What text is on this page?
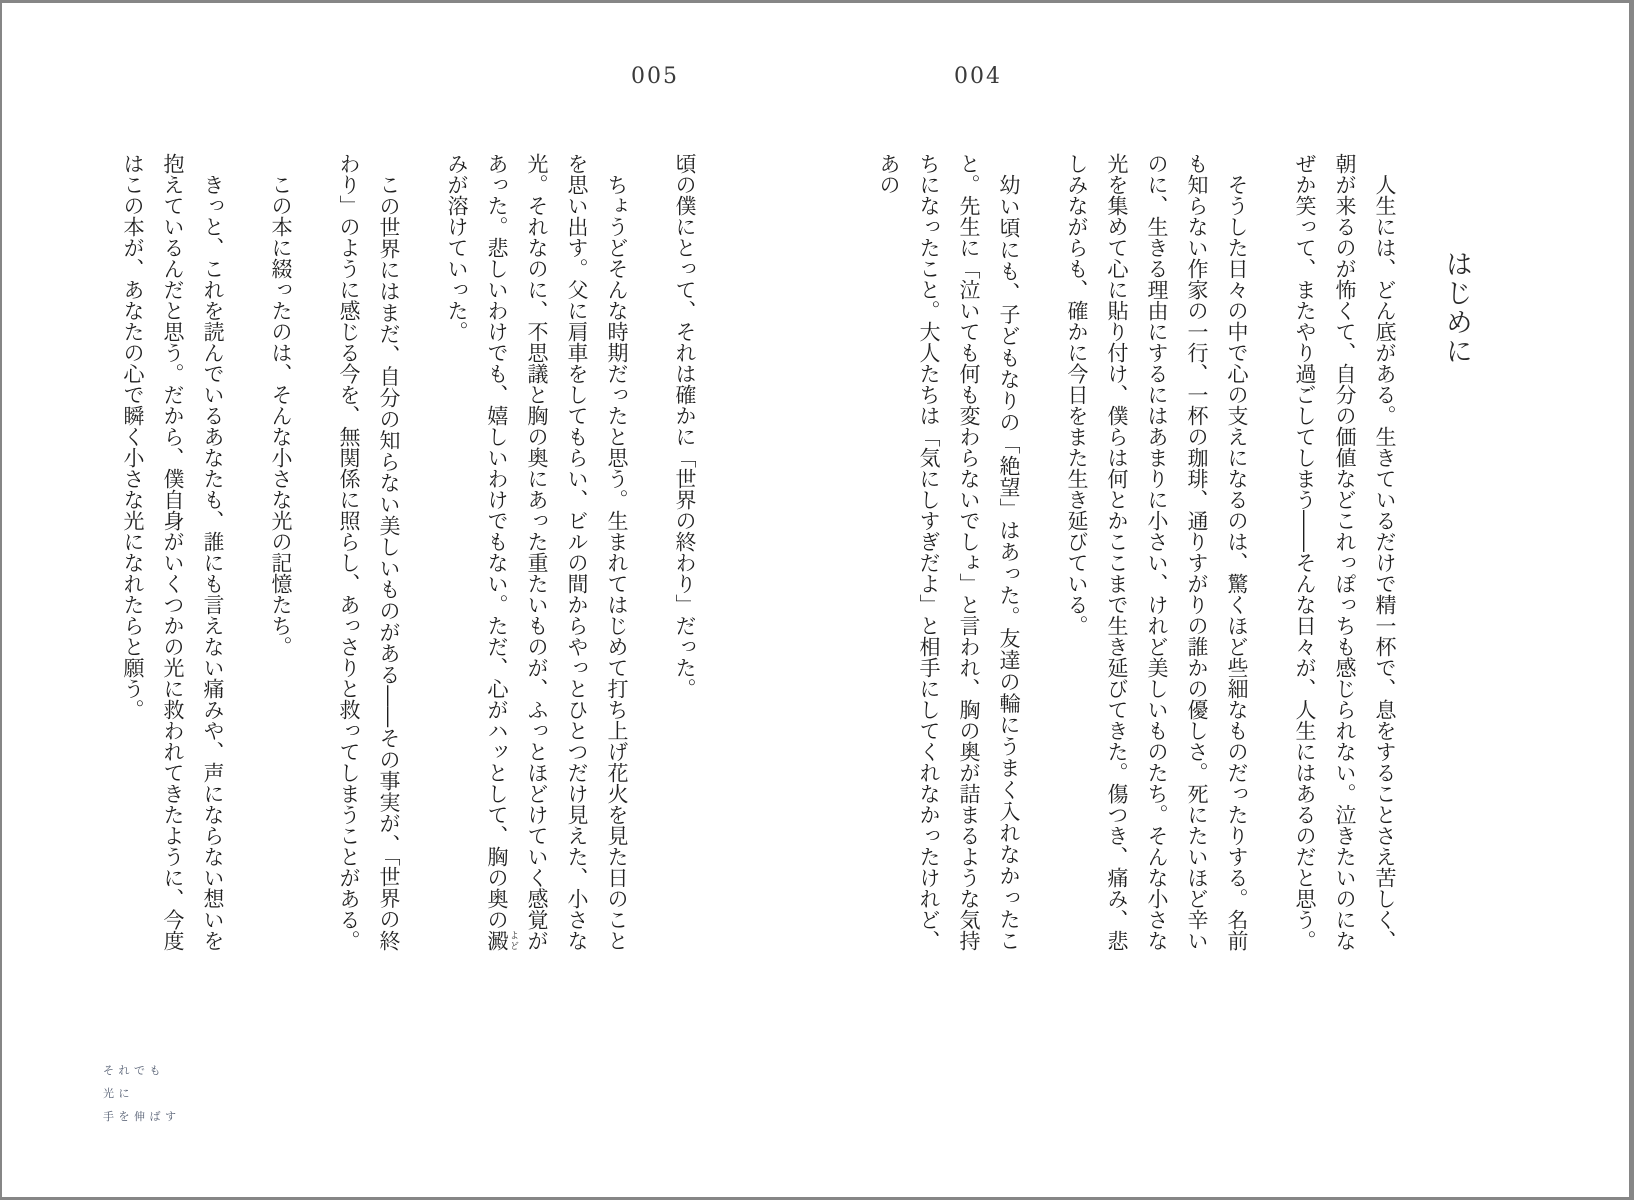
005	004
はじめに

人生には、どん底がある。生きているだけで精一杯で、息をすることさえ苦しく、朝が来るのが怖くて、自分の価値などこれっぽっちも感じられない。泣きたいのになぜか笑って、またやり過ごしてしまう――そんな日々が、人生にはあるのだと思う。

そうした日々の中で心の支えになるのは、驚くほど些細なものだったりする。名前も知らない作家の一行、一杯の珈琲、通りすがりの誰かの優しさ。死にたいほど辛いのに、生きる理由にするにはあまりに小さい、けれど美しいものたち。そんな小さな光を集めて心に貼り付け、僕らは何とかここまで生き延びてきた。傷つき、痛み、悲しみながらも、確かに今日をまた生き延びている。

幼い頃にも、子どもなりの「絶望」はあった。友達の輪にうまく入れなかったこと。先生に「泣いても何も変わらないでしょ」と言われ、胸の奥が詰まるような気持ちになったこと。大人たちは「気にしすぎだよ」と相手にしてくれなかったけれど、あの

頃の僕にとって、それは確かに「世界の終わり」だった。

ちょうどそんな時期だったと思う。生まれてはじめて打ち上げ花火を見た日のことを思い出す。父に肩車をしてもらい、ビルの間からやっとひとつだけ見えた、小さな光。それなのに、不思議と胸の奥にあった重たいものが、ふっとほどけていく感覚があった。悲しいわけでも、嬉しいわけでもない。ただ、心がハッとして、胸の奥の澱 よどみが溶けていった。

この世界にはまだ、自分の知らない美しいものがある――その事実が、「世界の終わり」のように感じる今を、無関係に照らし、あっさりと救ってしまうことがある。

この本に綴ったのは、そんな小さな光の記憶たち。

きっと、これを読んでいるあなたも、誰にも言えない痛みや、声にならない想いを抱えているんだと思う。だから、僕自身がいくつかの光に救われてきたように、今度はこの本が、あなたの心で瞬く小さな光になれたらと願う。

それでも
光に
手を伸ばす
